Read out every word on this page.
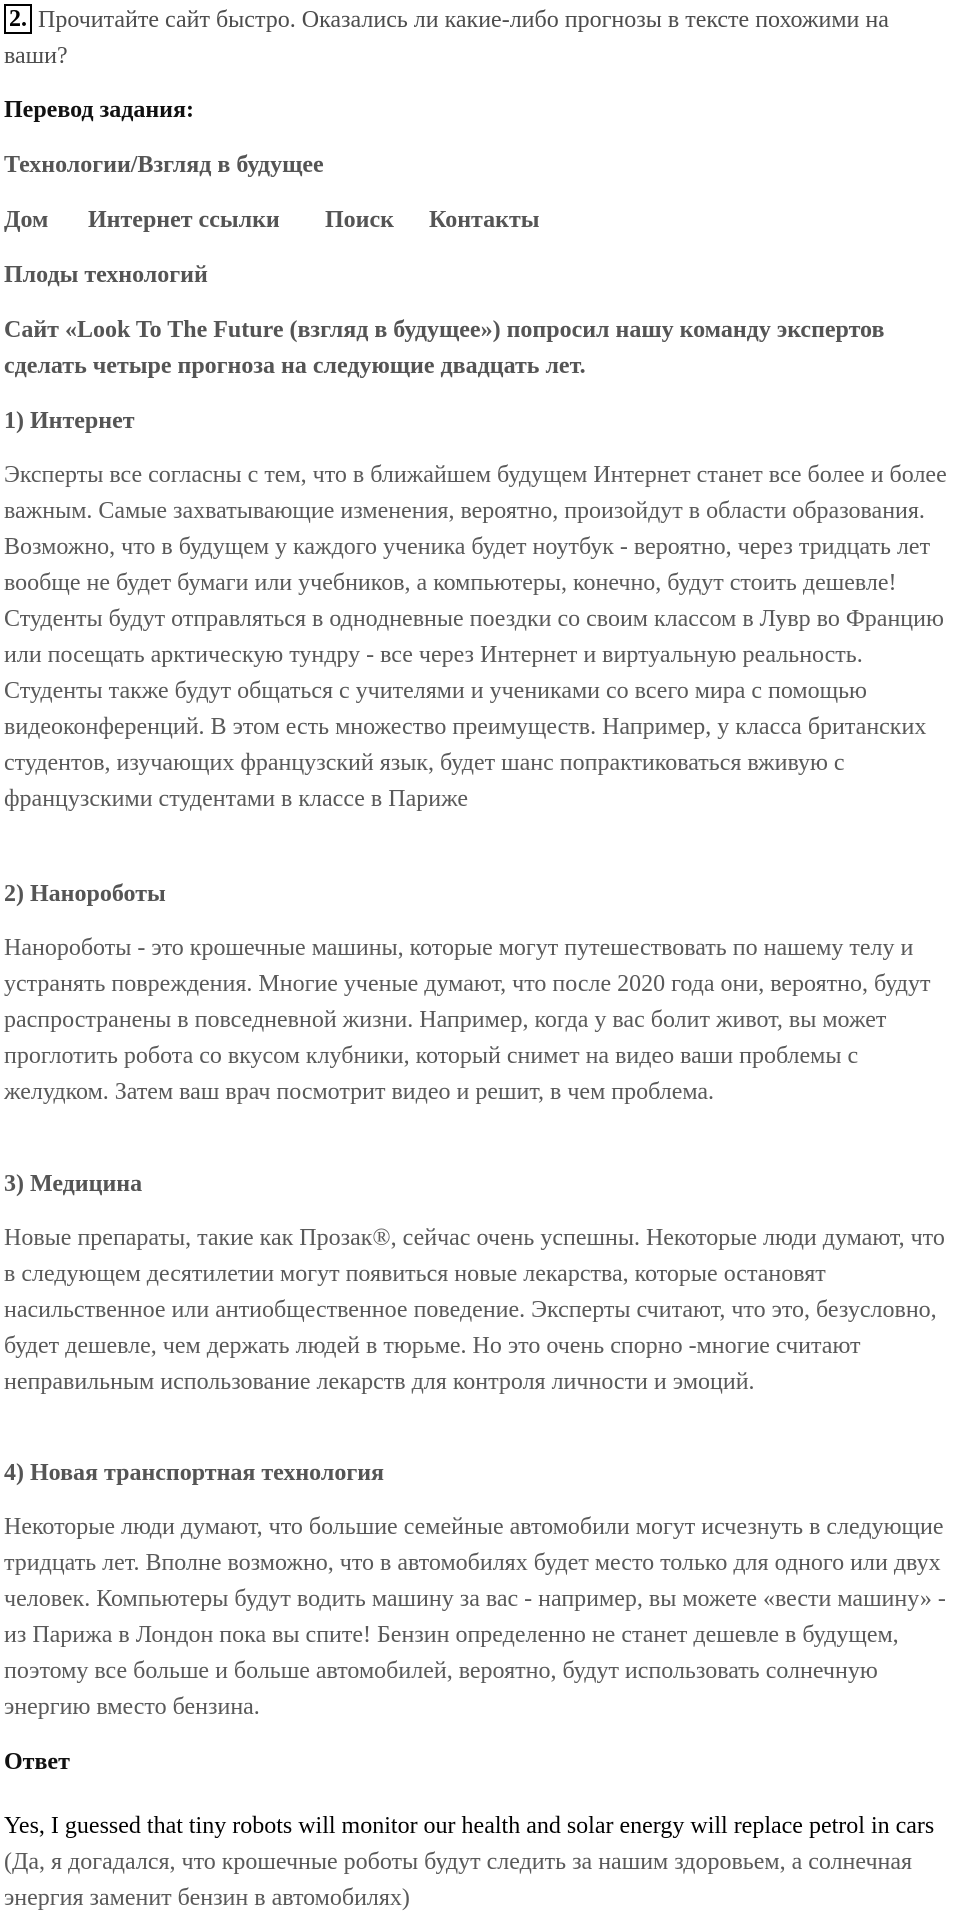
2. Прочитайте сайт быстро. Оказались ли какие-либо прогнозы в тексте похожими на ваши?

Перевод задания:

Технологии/Взгляд в будущее

Дом	Интернет ссылки	Поиск	Контакты

Плоды технологий

Сайт «Look To The Future (взгляд в будущее») попросил нашу команду экспертов сделать четыре прогноза на следующие двадцать лет.

1) Интернет

Эксперты все согласны с тем, что в ближайшем будущем Интернет станет все более и более важным. Самые захватывающие изменения, вероятно, произойдут в области образования. Возможно, что в будущем у каждого ученика будет ноутбук - вероятно, через тридцать лет вообще не будет бумаги или учебников, а компьютеры, конечно, будут стоить дешевле! Студенты будут отправляться в однодневные поездки со своим классом в Лувр во Францию или посещать арктическую тундру - все через Интернет и виртуальную реальность. Студенты также будут общаться с учителями и учениками со всего мира с помощью видеоконференций. В этом есть множество преимуществ. Например, у класса британских студентов, изучающих французский язык, будет шанс попрактиковаться вживую с французскими студентами в классе в Париже

2) Нанороботы

Нанороботы - это крошечные машины, которые могут путешествовать по нашему телу и устранять повреждения. Многие ученые думают, что после 2020 года они, вероятно, будут распространены в повседневной жизни. Например, когда у вас болит живот, вы может проглотить робота со вкусом клубники, который снимет на видео ваши проблемы с желудком. Затем ваш врач посмотрит видео и решит, в чем проблема.

3) Медицина

Новые препараты, такие как Прозак®, сейчас очень успешны. Некоторые люди думают, что в следующем десятилетии могут появиться новые лекарства, которые остановят насильственное или антиобщественное поведение. Эксперты считают, что это, безусловно, будет дешевле, чем держать людей в тюрьме. Но это очень спорно -многие считают неправильным использование лекарств для контроля личности и эмоций.

4) Новая транспортная технология

Некоторые люди думают, что большие семейные автомобили могут исчезнуть в следующие тридцать лет. Вполне возможно, что в автомобилях будет место только для одного или двух человек. Компьютеры будут водить машину за вас - например, вы можете «вести машину» - из Парижа в Лондон пока вы спите! Бензин определенно не станет дешевле в будущем, поэтому все больше и больше автомобилей, вероятно, будут использовать солнечную энергию вместо бензина.

Ответ

Yes, I guessed that tiny robots will monitor our health and solar energy will replace petrol in cars (Да, я догадался, что крошечные роботы будут следить за нашим здоровьем, а солнечная энергия заменит бензин в автомобилях)
